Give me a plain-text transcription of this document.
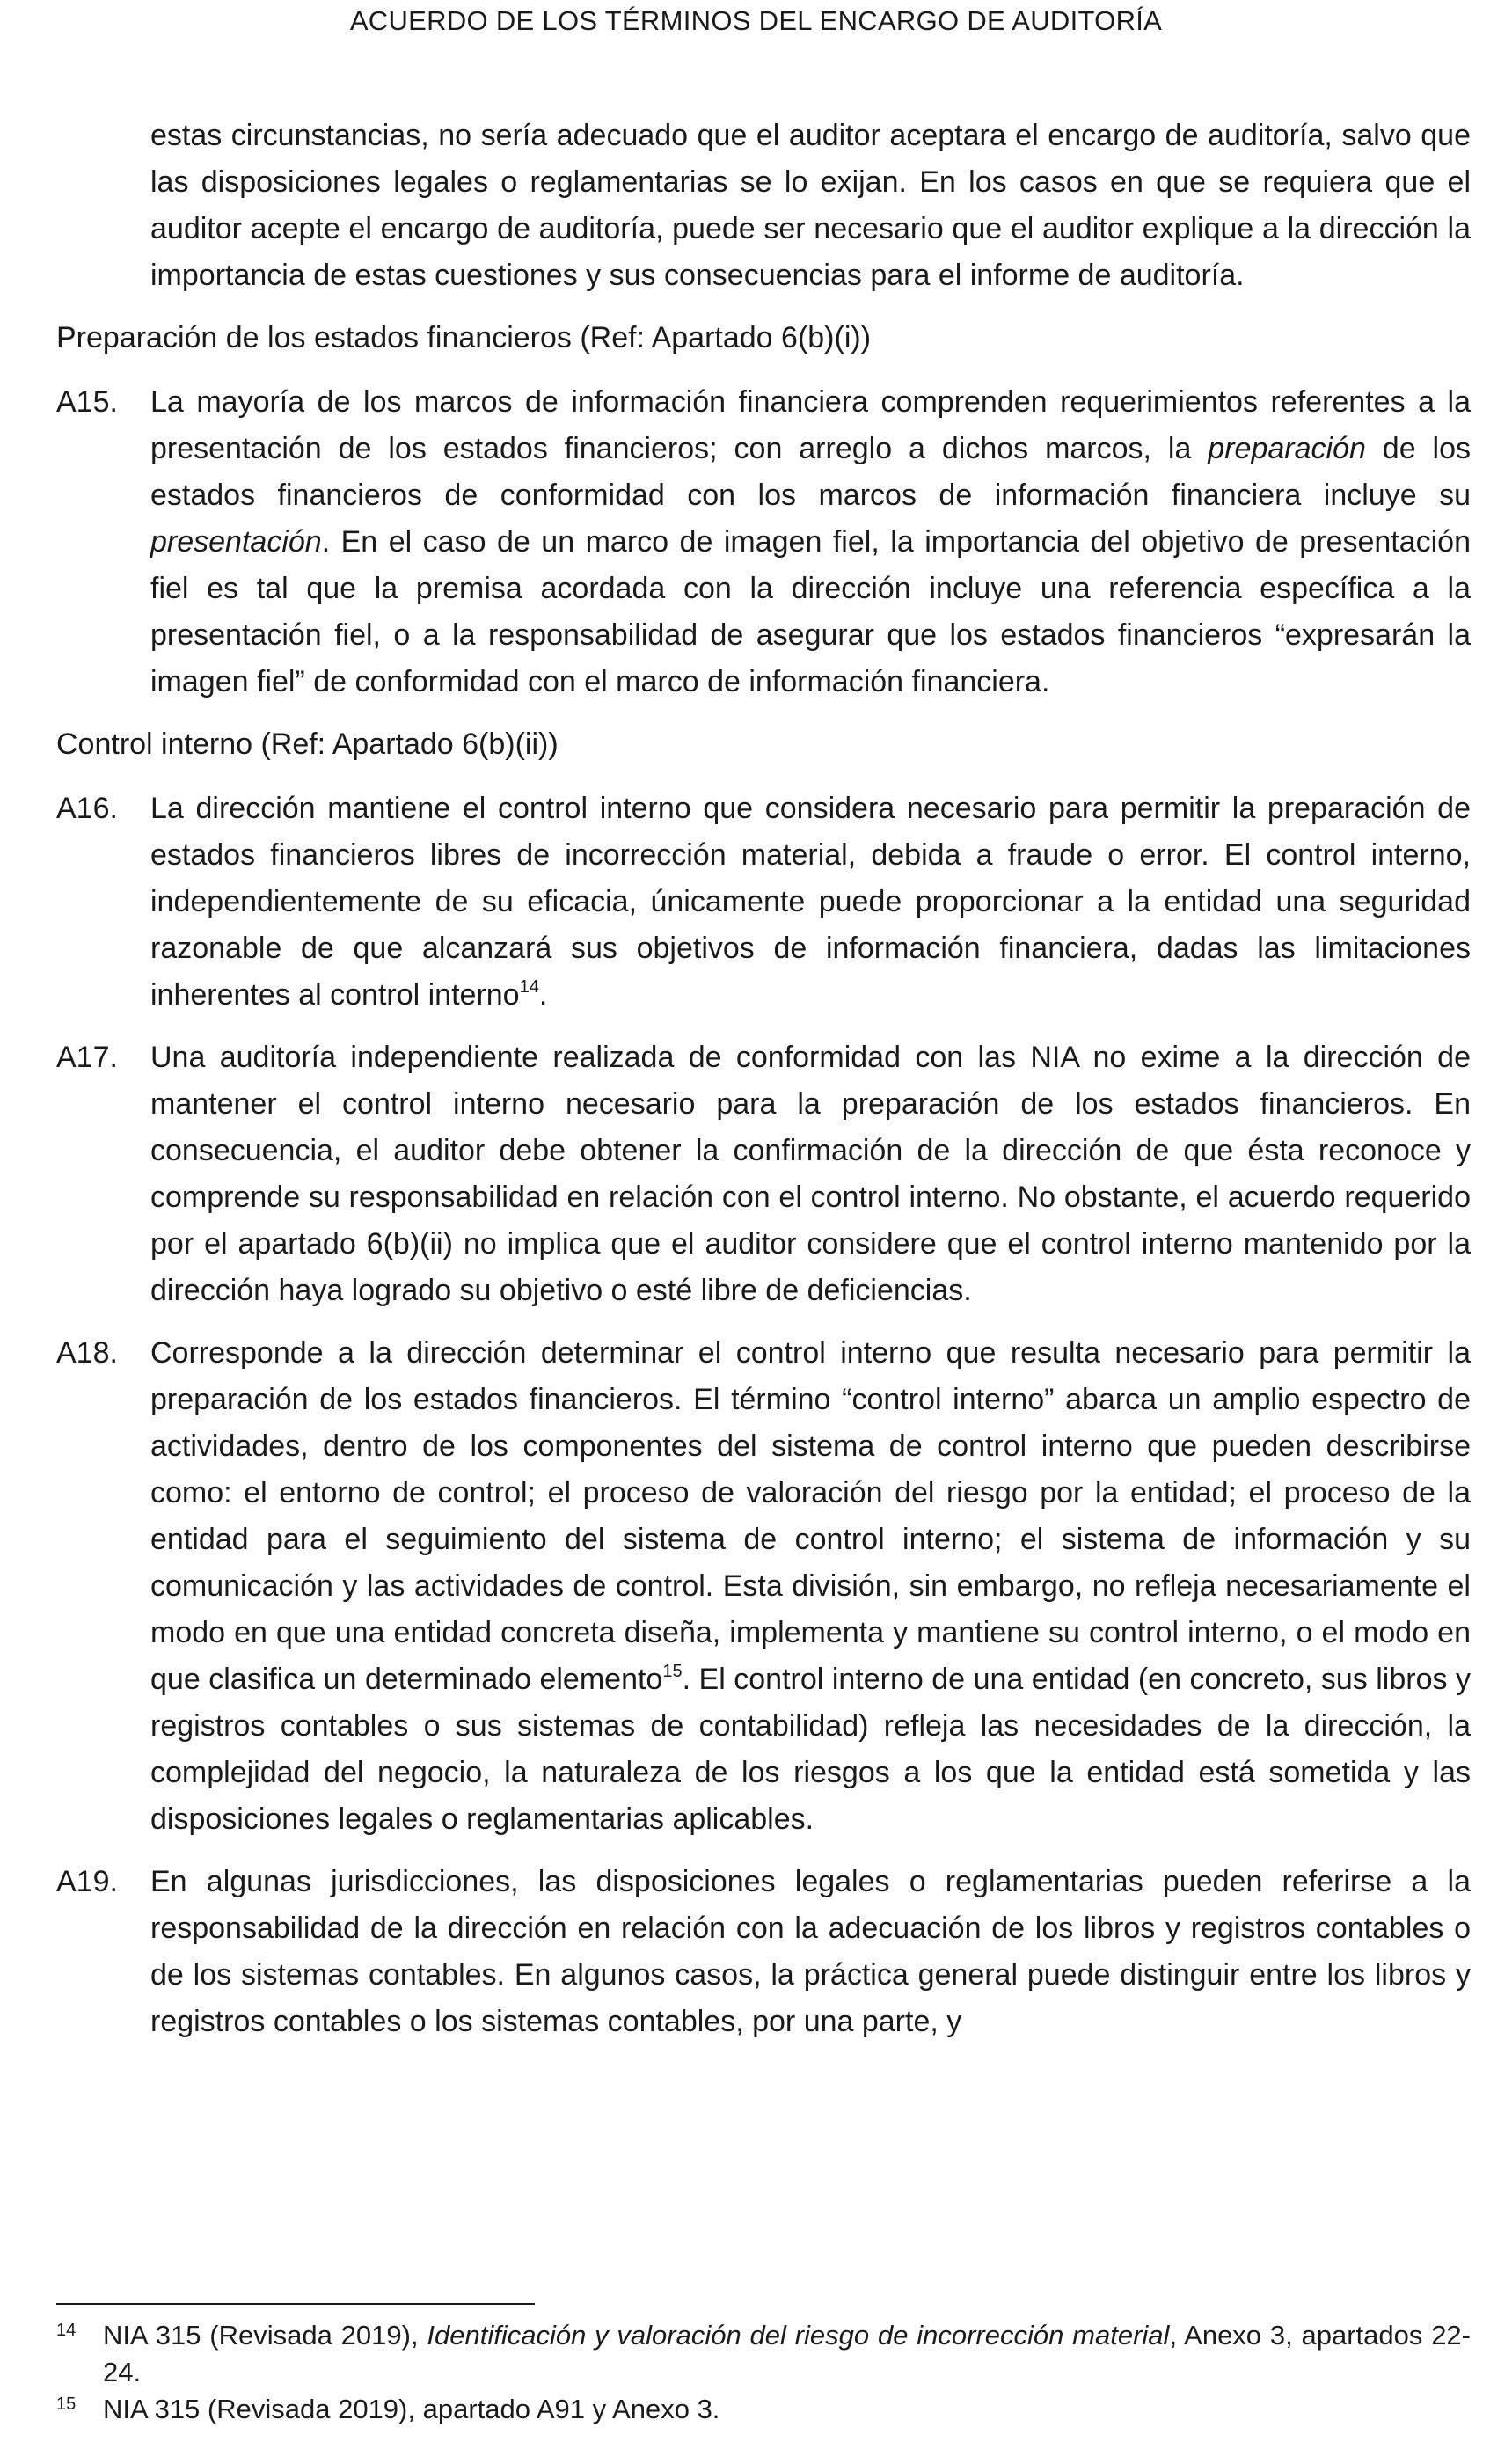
ACUERDO DE LOS TÉRMINOS DEL ENCARGO DE AUDITORÍA
estas circunstancias, no sería adecuado que el auditor aceptara el encargo de auditoría, salvo que las disposiciones legales o reglamentarias se lo exijan. En los casos en que se requiera que el auditor acepte el encargo de auditoría, puede ser necesario que el auditor explique a la dirección la importancia de estas cuestiones y sus consecuencias para el informe de auditoría.
Preparación de los estados financieros (Ref: Apartado 6(b)(i))
A15.	La mayoría de los marcos de información financiera comprenden requerimientos referentes a la presentación de los estados financieros; con arreglo a dichos marcos, la preparación de los estados financieros de conformidad con los marcos de información financiera incluye su presentación. En el caso de un marco de imagen fiel, la importancia del objetivo de presentación fiel es tal que la premisa acordada con la dirección incluye una referencia específica a la presentación fiel, o a la responsabilidad de asegurar que los estados financieros “expresarán la imagen fiel” de conformidad con el marco de información financiera.
Control interno (Ref: Apartado 6(b)(ii))
A16.	La dirección mantiene el control interno que considera necesario para permitir la preparación de estados financieros libres de incorrección material, debida a fraude o error. El control interno, independientemente de su eficacia, únicamente puede proporcionar a la entidad una seguridad razonable de que alcanzará sus objetivos de información financiera, dadas las limitaciones inherentes al control interno$^{14}$.
A17.	Una auditoría independiente realizada de conformidad con las NIA no exime a la dirección de mantener el control interno necesario para la preparación de los estados financieros. En consecuencia, el auditor debe obtener la confirmación de la dirección de que ésta reconoce y comprende su responsabilidad en relación con el control interno. No obstante, el acuerdo requerido por el apartado 6(b)(ii) no implica que el auditor considere que el control interno mantenido por la dirección haya logrado su objetivo o esté libre de deficiencias.
A18.	Corresponde a la dirección determinar el control interno que resulta necesario para permitir la preparación de los estados financieros. El término “control interno” abarca un amplio espectro de actividades, dentro de los componentes del sistema de control interno que pueden describirse como: el entorno de control; el proceso de valoración del riesgo por la entidad; el proceso de la entidad para el seguimiento del sistema de control interno; el sistema de información y su comunicación y las actividades de control. Esta división, sin embargo, no refleja necesariamente el modo en que una entidad concreta diseña, implementa y mantiene su control interno, o el modo en que clasifica un determinado elemento$^{15}$. El control interno de una entidad (en concreto, sus libros y registros contables o sus sistemas de contabilidad) refleja las necesidades de la dirección, la complejidad del negocio, la naturaleza de los riesgos a los que la entidad está sometida y las disposiciones legales o reglamentarias aplicables.
A19.	En algunas jurisdicciones, las disposiciones legales o reglamentarias pueden referirse a la responsabilidad de la dirección en relación con la adecuación de los libros y registros contables o de los sistemas contables. En algunos casos, la práctica general puede distinguir entre los libros y registros contables o los sistemas contables, por una parte, y
14 NIA 315 (Revisada 2019), Identificación y valoración del riesgo de incorrección material, Anexo 3, apartados 22-24.
15 NIA 315 (Revisada 2019), apartado A91 y Anexo 3.
